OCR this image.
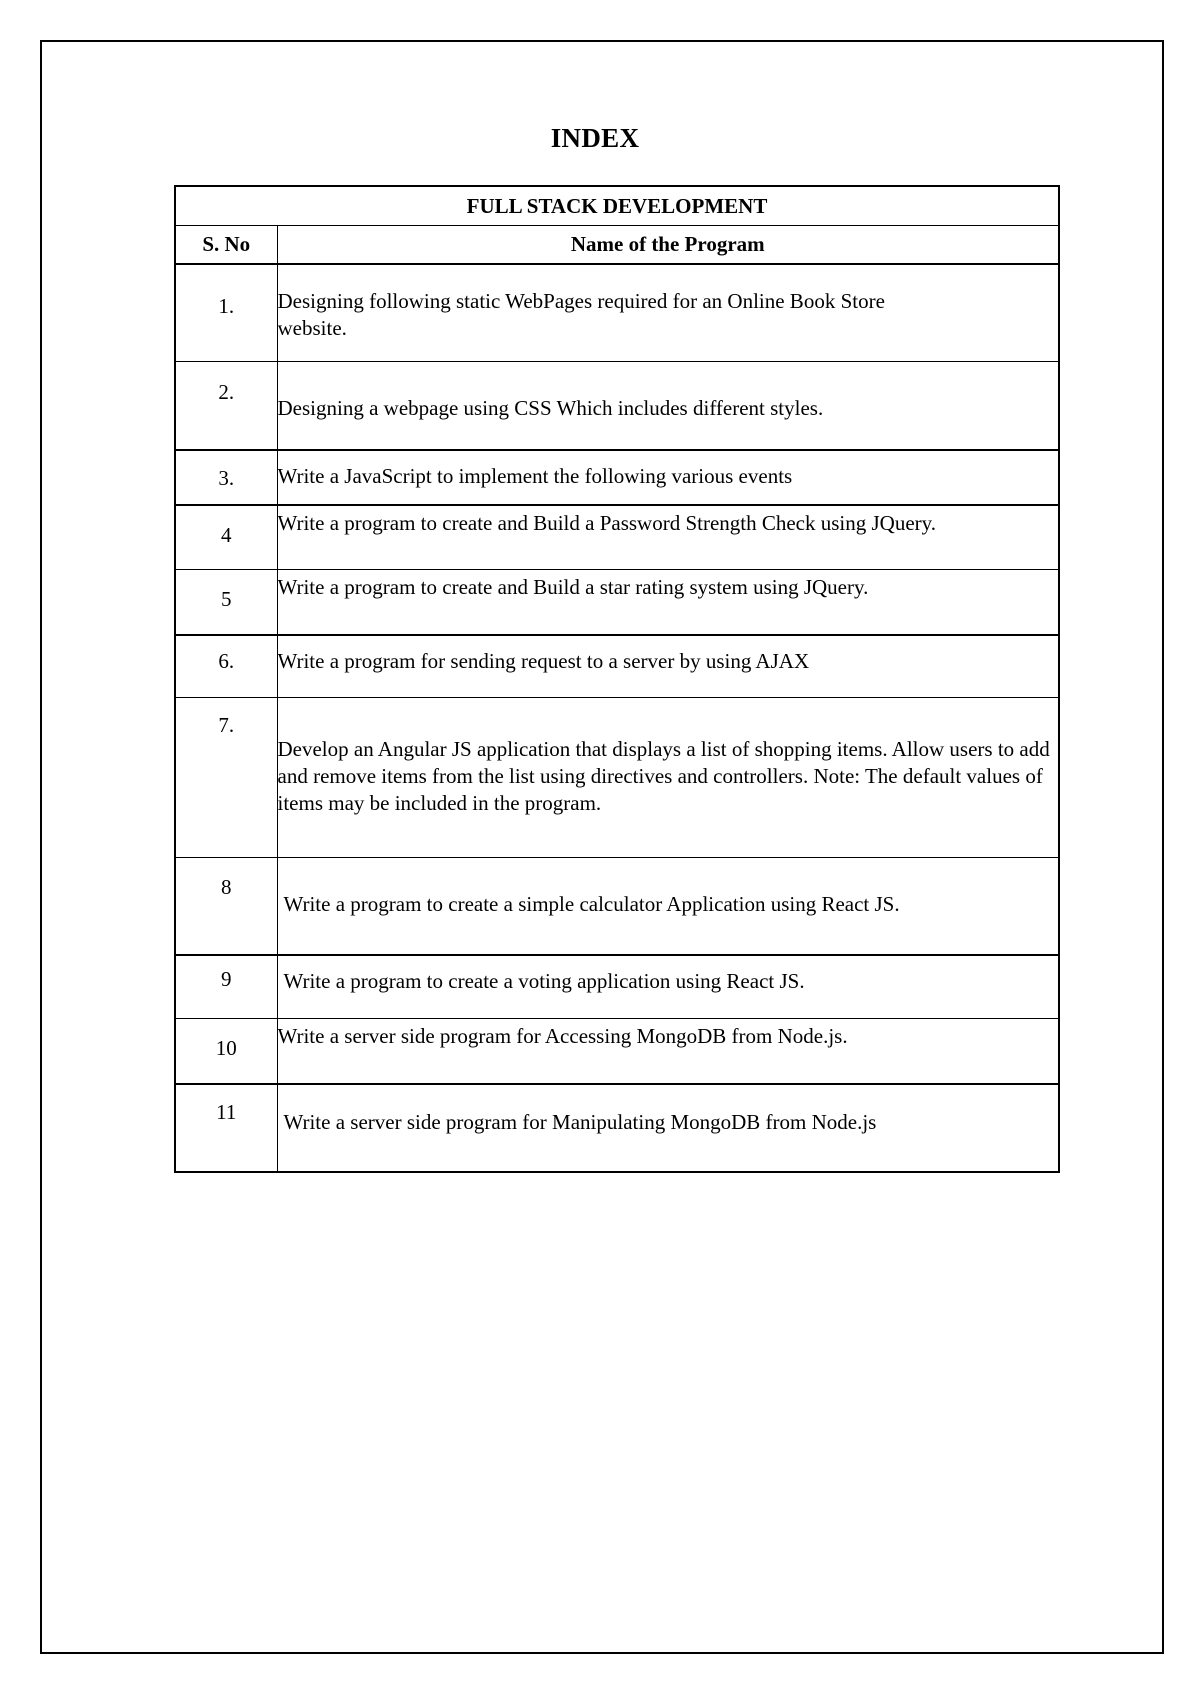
INDEX
FULL STACK DEVELOPMENT	
S. No	Name of the Program

1.	Designing following static WebPages required for an Online Book Store
website.

2.	Designing a webpage using CSS Which includes different styles.

3.	Write a JavaScript to implement the following various events

4	Write a program to create and Build a Password Strength Check using JQuery.

5	Write a program to create and Build a star rating system using JQuery.

6.	Write a program for sending request to a server by using AJAX

7.	Develop an Angular JS application that displays a list of shopping items. Allow users to add and remove items from the list using directives and controllers. Note: The default values of items may be included in the program.

8	Write a program to create a simple calculator Application using React JS.

9	Write a program to create a voting application using React JS.

10	Write a server side program for Accessing MongoDB from Node.js.

11	Write a server side program for Manipulating MongoDB from Node.js
